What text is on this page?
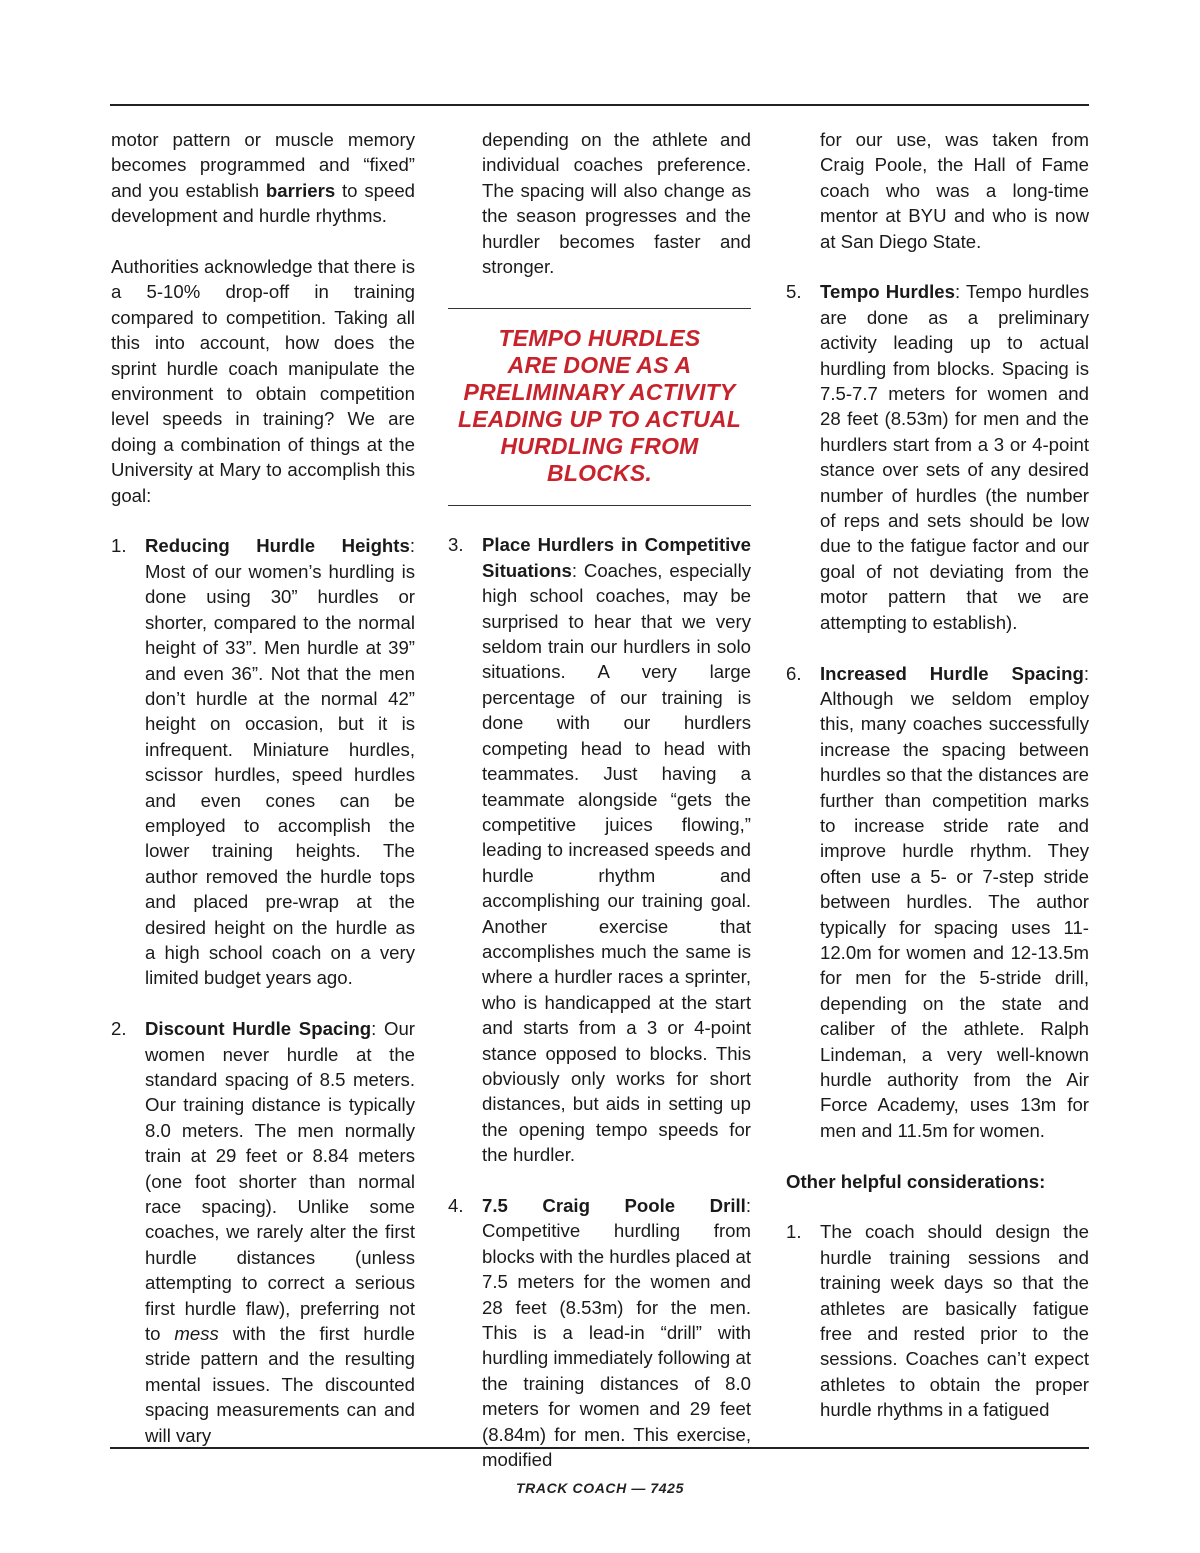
motor pattern or muscle memory becomes programmed and “fixed” and you establish barriers to speed development and hurdle rhythms.

Authorities acknowledge that there is a 5-10% drop-off in training compared to competition. Taking all this into account, how does the sprint hurdle coach manipulate the environment to obtain competition level speeds in training? We are doing a combination of things at the University at Mary to accomplish this goal:

1. Reducing Hurdle Heights: Most of our women’s hurdling is done using 30” hurdles or shorter, compared to the normal height of 33”. Men hurdle at 39” and even 36”. Not that the men don’t hurdle at the normal 42” height on occasion, but it is infrequent. Miniature hurdles, scissor hurdles, speed hurdles and even cones can be employed to accomplish the lower training heights. The author removed the hurdle tops and placed pre-wrap at the desired height on the hurdle as a high school coach on a very limited budget years ago.
2. Discount Hurdle Spacing: Our women never hurdle at the standard spacing of 8.5 meters. Our training distance is typically 8.0 meters. The men normally train at 29 feet or 8.84 meters (one foot shorter than normal race spacing). Unlike some coaches, we rarely alter the first hurdle distances (unless attempting to correct a serious first hurdle flaw), preferring not to mess with the first hurdle stride pattern and the resulting mental issues. The discounted spacing measurements can and will vary
depending on the athlete and individual coaches preference. The spacing will also change as the season progresses and the hurdler becomes faster and stronger.
TEMPO HURDLES
ARE DONE AS A
PRELIMINARY ACTIVITY
LEADING UP TO ACTUAL
HURDLING FROM
BLOCKS.
3. Place Hurdlers in Competitive Situations: Coaches, especially high school coaches, may be surprised to hear that we very seldom train our hurdlers in solo situations. A very large percentage of our training is done with our hurdlers competing head to head with teammates. Just having a teammate alongside “gets the competitive juices flowing,” leading to increased speeds and hurdle rhythm and accomplishing our training goal. Another exercise that accomplishes much the same is where a hurdler races a sprinter, who is handicapped at the start and starts from a 3 or 4-point stance opposed to blocks. This obviously only works for short distances, but aids in setting up the opening tempo speeds for the hurdler.
4. 7.5 Craig Poole Drill: Competitive hurdling from blocks with the hurdles placed at 7.5 meters for the women and 28 feet (8.53m) for the men. This is a lead-in “drill” with hurdling immediately following at the training distances of 8.0 meters for women and 29 feet (8.84m) for men. This exercise, modified
for our use, was taken from Craig Poole, the Hall of Fame coach who was a long-time mentor at BYU and who is now at San Diego State.
5. Tempo Hurdles: Tempo hurdles are done as a preliminary activity leading up to actual hurdling from blocks. Spacing is 7.5-7.7 meters for women and 28 feet (8.53m) for men and the hurdlers start from a 3 or 4-point stance over sets of any desired number of hurdles (the number of reps and sets should be low due to the fatigue factor and our goal of not deviating from the motor pattern that we are attempting to establish).
6. Increased Hurdle Spacing: Although we seldom employ this, many coaches successfully increase the spacing between hurdles so that the distances are further than competition marks to increase stride rate and improve hurdle rhythm. They often use a 5- or 7-step stride between hurdles. The author typically for spacing uses 11-12.0m for women and 12-13.5m for men for the 5-stride drill, depending on the state and caliber of the athlete. Ralph Lindeman, a very well-known hurdle authority from the Air Force Academy, uses 13m for men and 11.5m for women.
Other helpful considerations:
1. The coach should design the hurdle training sessions and training week days so that the athletes are basically fatigue free and rested prior to the sessions. Coaches can’t expect athletes to obtain the proper hurdle rhythms in a fatigued
TRACK COACH — 7425
